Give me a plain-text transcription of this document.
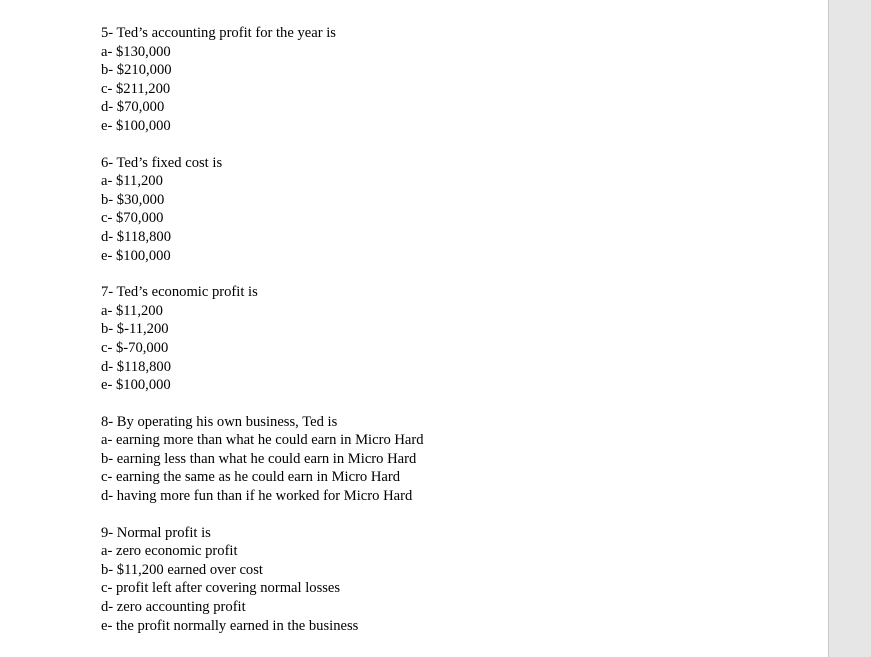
5- Ted’s accounting profit for the year is
a- $130,000
b- $210,000
c- $211,200
d- $70,000
e- $100,000
6- Ted’s fixed cost is
a- $11,200
b- $30,000
c- $70,000
d- $118,800
e- $100,000
7- Ted’s economic profit is
a- $11,200
b- $-11,200
c- $-70,000
d- $118,800
e- $100,000
8- By operating his own business, Ted is
a- earning more than what he could earn in Micro Hard
b- earning less than what he could earn in Micro Hard
c- earning the same as he could earn in Micro Hard
d- having more fun than if he worked for Micro Hard
9- Normal profit is
a- zero economic profit
b- $11,200 earned over cost
c- profit left after covering normal losses
d- zero accounting profit
e- the profit normally earned in the business
